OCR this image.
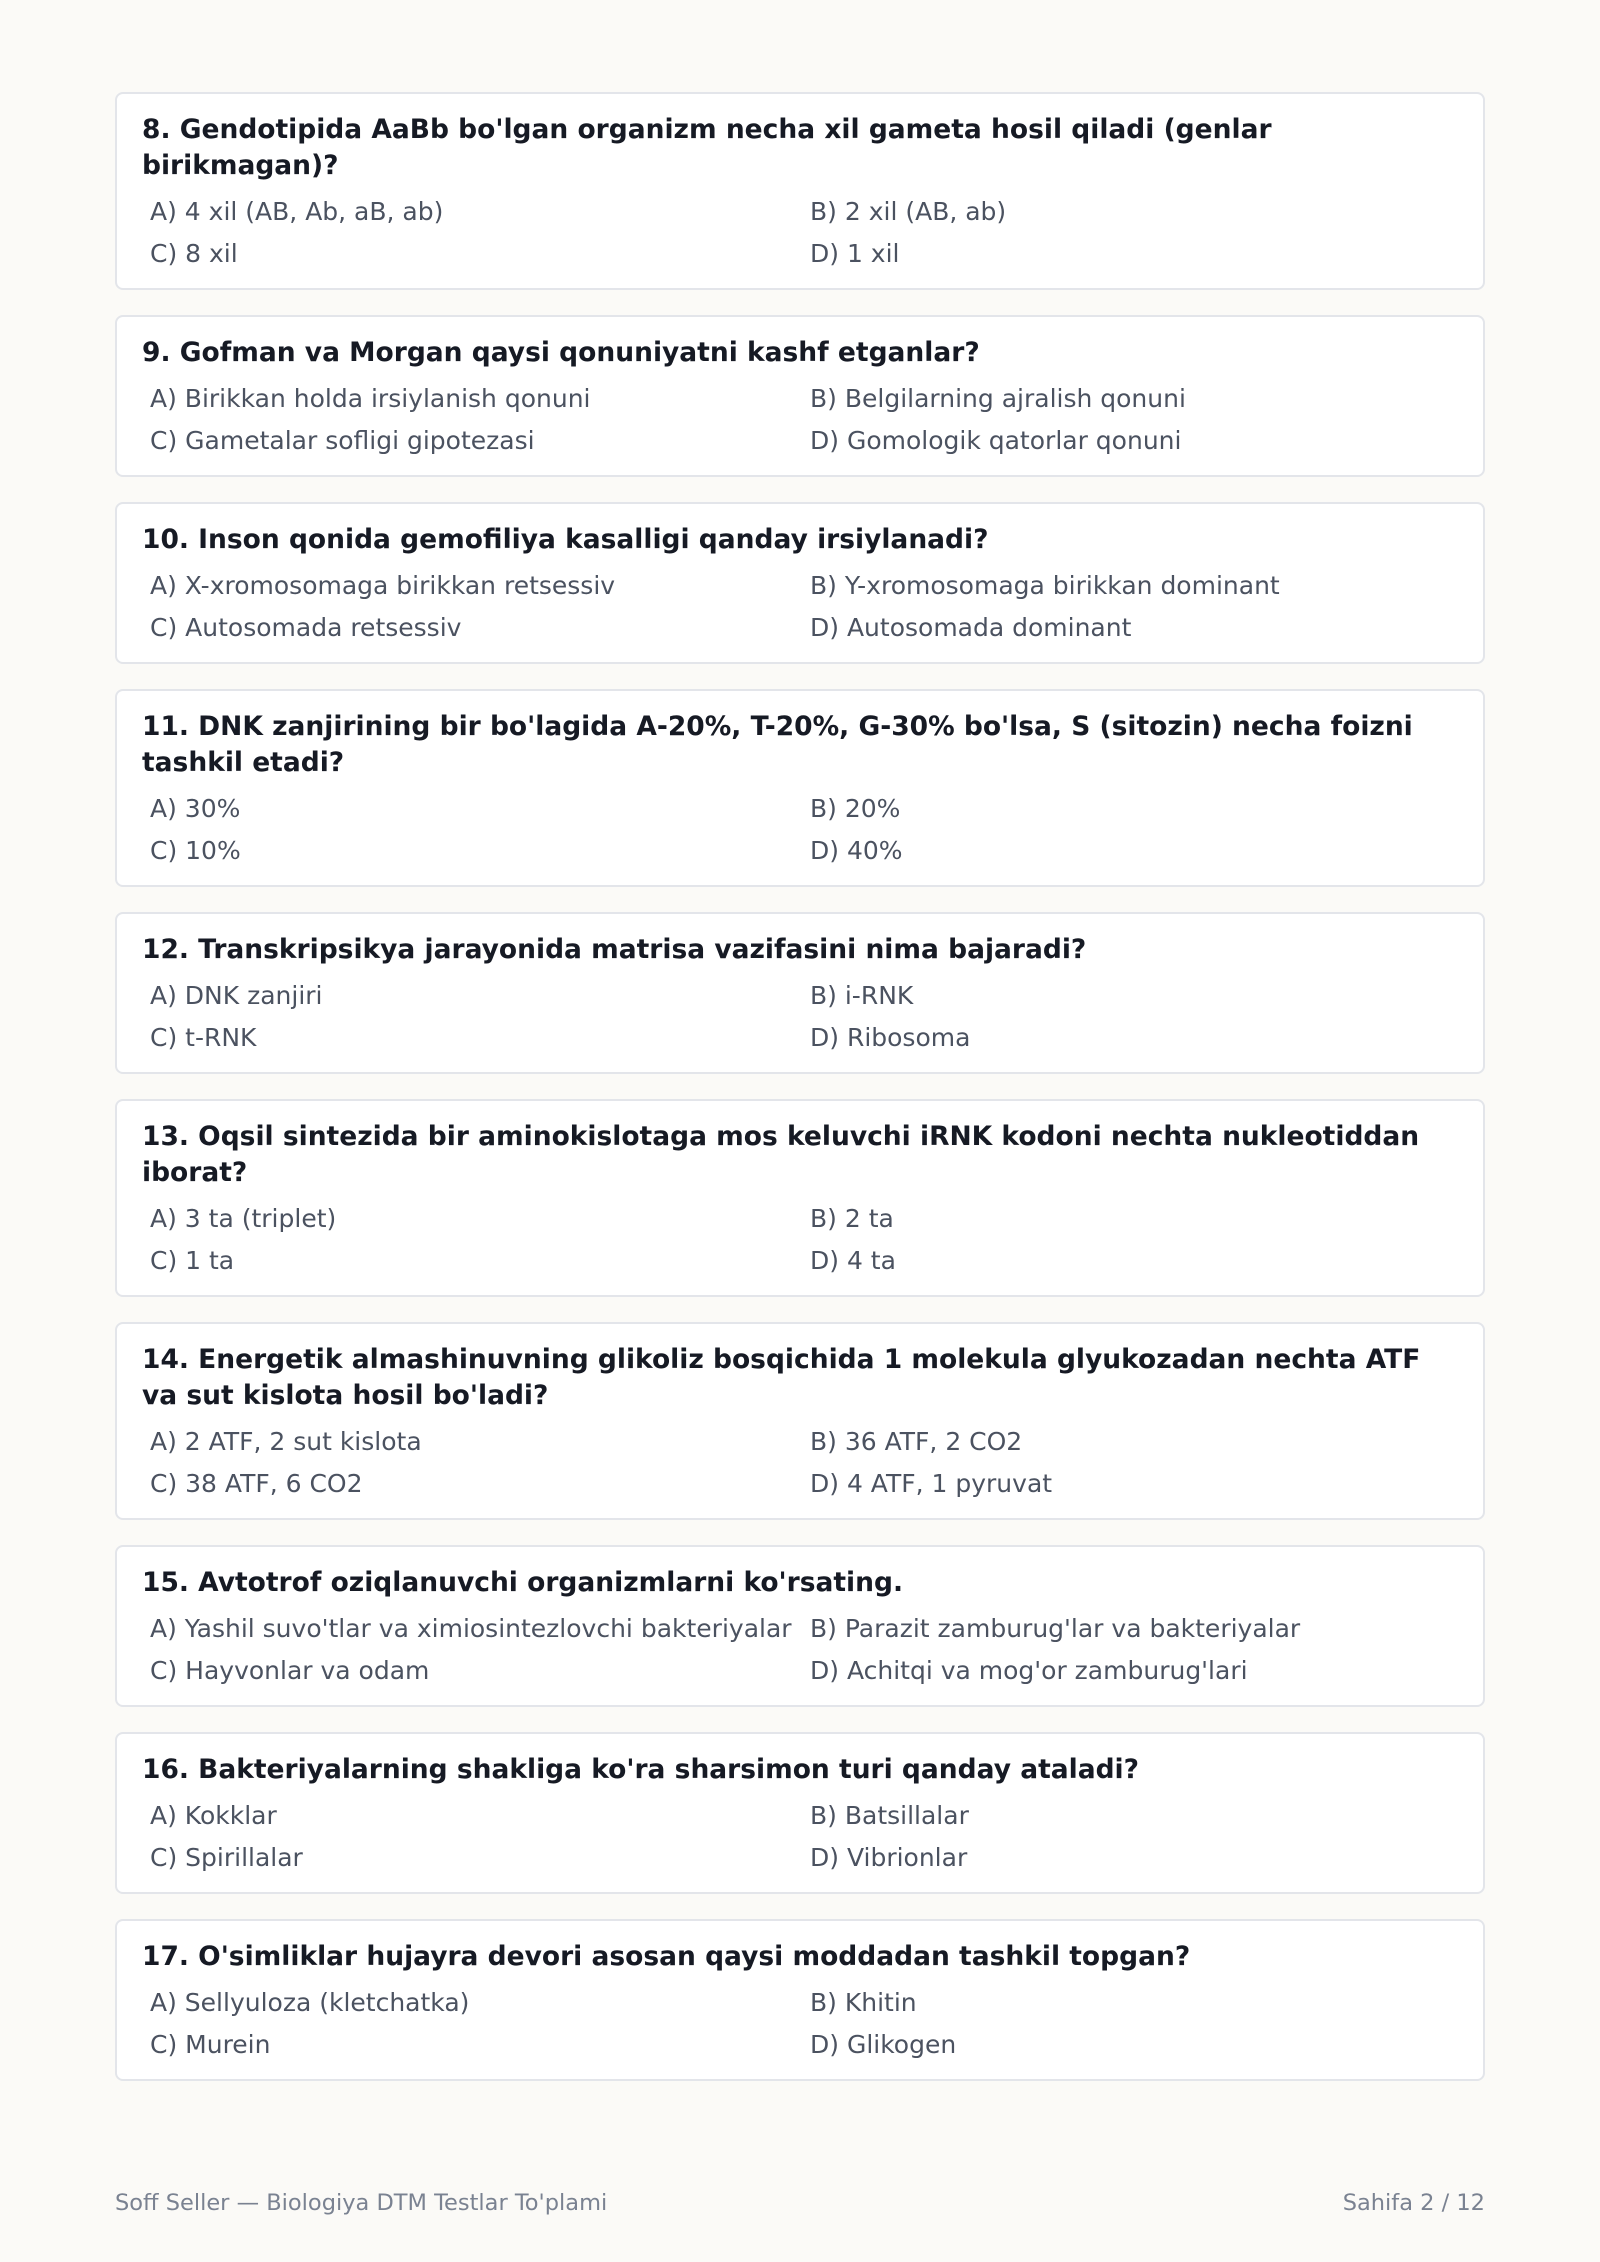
8. Gendotipida AaBb bo'lgan organizm necha xil gameta hosil qiladi (genlar birikmagan)?
A) 4 xil (AB, Ab, aB, ab)	B) 2 xil (AB, ab)
C) 8 xil	D) 1 xil
9. Gofman va Morgan qaysi qonuniyatni kashf etganlar?
A) Birikkan holda irsiylanish qonuni	B) Belgilarning ajralish qonuni
C) Gametalar sofligi gipotezasi	D) Gomologik qatorlar qonuni
10. Inson qonida gemofiliya kasalligi qanday irsiylanadi?
A) X-xromosomaga birikkan retsessiv	B) Y-xromosomaga birikkan dominant
C) Autosomada retsessiv	D) Autosomada dominant
11. DNK zanjirining bir bo'lagida A-20%, T-20%, G-30% bo'lsa, S (sitozin) necha foizni tashkil etadi?
A) 30%	B) 20%
C) 10%	D) 40%
12. Transkripsikya jarayonida matrisa vazifasini nima bajaradi?
A) DNK zanjiri	B) i-RNK
C) t-RNK	D) Ribosoma
13. Oqsil sintezida bir aminokislotaga mos keluvchi iRNK kodoni nechta nukleotiddan iborat?
A) 3 ta (triplet)	B) 2 ta
C) 1 ta	D) 4 ta
14. Energetik almashinuvning glikoliz bosqichida 1 molekula glyukozadan nechta ATF va sut kislota hosil bo'ladi?
A) 2 ATF, 2 sut kislota	B) 36 ATF, 2 CO2
C) 38 ATF, 6 CO2	D) 4 ATF, 1 pyruvat
15. Avtotrof oziqlanuvchi organizmlarni ko'rsating.
A) Yashil suvo'tlar va ximiosintezlovchi bakteriyalar B) Parazit zamburug'lar va bakteriyalar
C) Hayvonlar va odam	D) Achitqi va mog'or zamburug'lari
16. Bakteriyalarning shakliga ko'ra sharsimon turi qanday ataladi?
A) Kokklar	B) Batsillalar
C) Spirillalar	D) Vibrionlar
17. O'simliklar hujayra devori asosan qaysi moddadan tashkil topgan?
A) Sellyuloza (kletchatka)	B) Khitin
C) Murein	D) Glikogen
Soff Seller — Biologiya DTM Testlar To'plami	Sahifa 2 / 12
